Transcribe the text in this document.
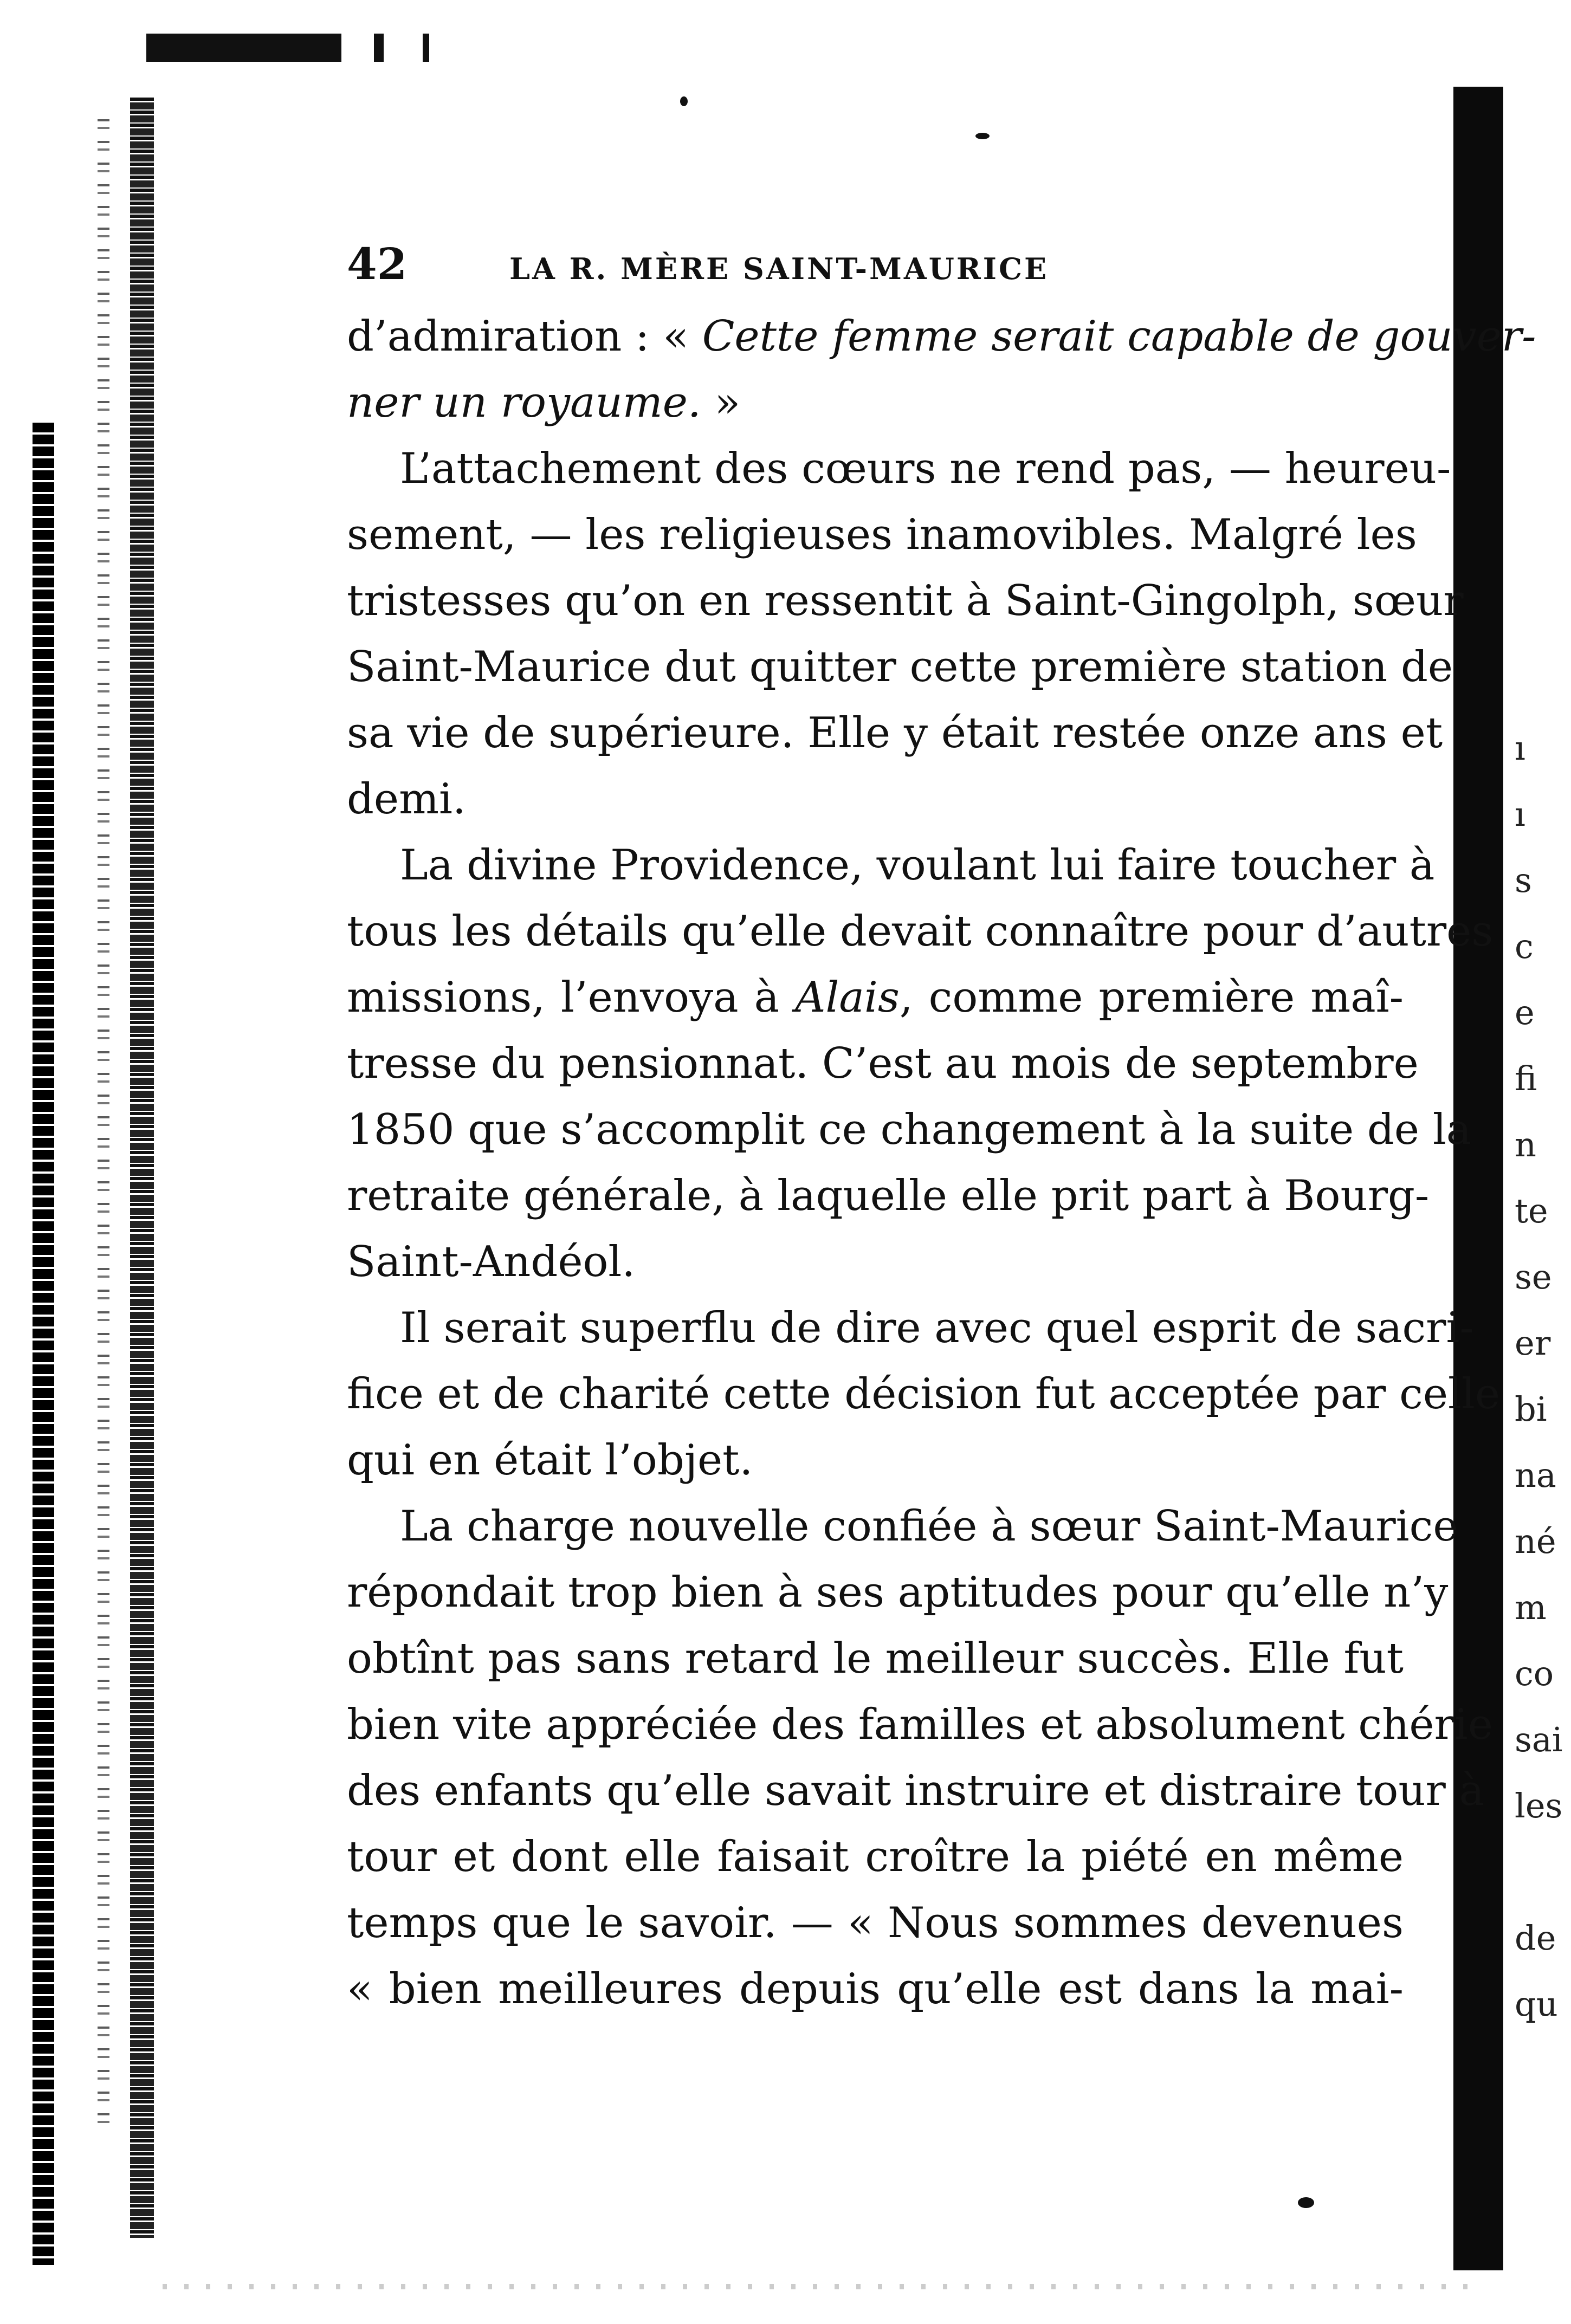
ı
ı
s
c
e
fi
n
te
se
er
bi
na
né
m
co
sai
les
de
qu
42	LA R. MÈRE SAINT-MAURICE
d’admiration : « Cette femme serait capable de gouver-
ner un royaume. »
L’attachement des cœurs ne rend pas, — heureu-
sement, — les religieuses inamovibles. Malgré les
tristesses qu’on en ressentit à Saint-Gingolph, sœur
Saint-Maurice dut quitter cette première station de
sa vie de supérieure. Elle y était restée onze ans et
demi.
La divine Providence, voulant lui faire toucher à
tous les détails qu’elle devait connaître pour d’autres
missions, l’envoya à Alais, comme première maî-
tresse du pensionnat. C’est au mois de septembre
1850 que s’accomplit ce changement à la suite de la
retraite générale, à laquelle elle prit part à Bourg-
Saint-Andéol.
Il serait superflu de dire avec quel esprit de sacri-
fice et de charité cette décision fut acceptée par celle
qui en était l’objet.
La charge nouvelle confiée à sœur Saint-Maurice
répondait trop bien à ses aptitudes pour qu’elle n’y
obtînt pas sans retard le meilleur succès. Elle fut
bien vite appréciée des familles et absolument chérie
des enfants qu’elle savait instruire et distraire tour à
tour et dont elle faisait croître la piété en même
temps que le savoir. — « Nous sommes devenues
« bien meilleures depuis qu’elle est dans la mai-
